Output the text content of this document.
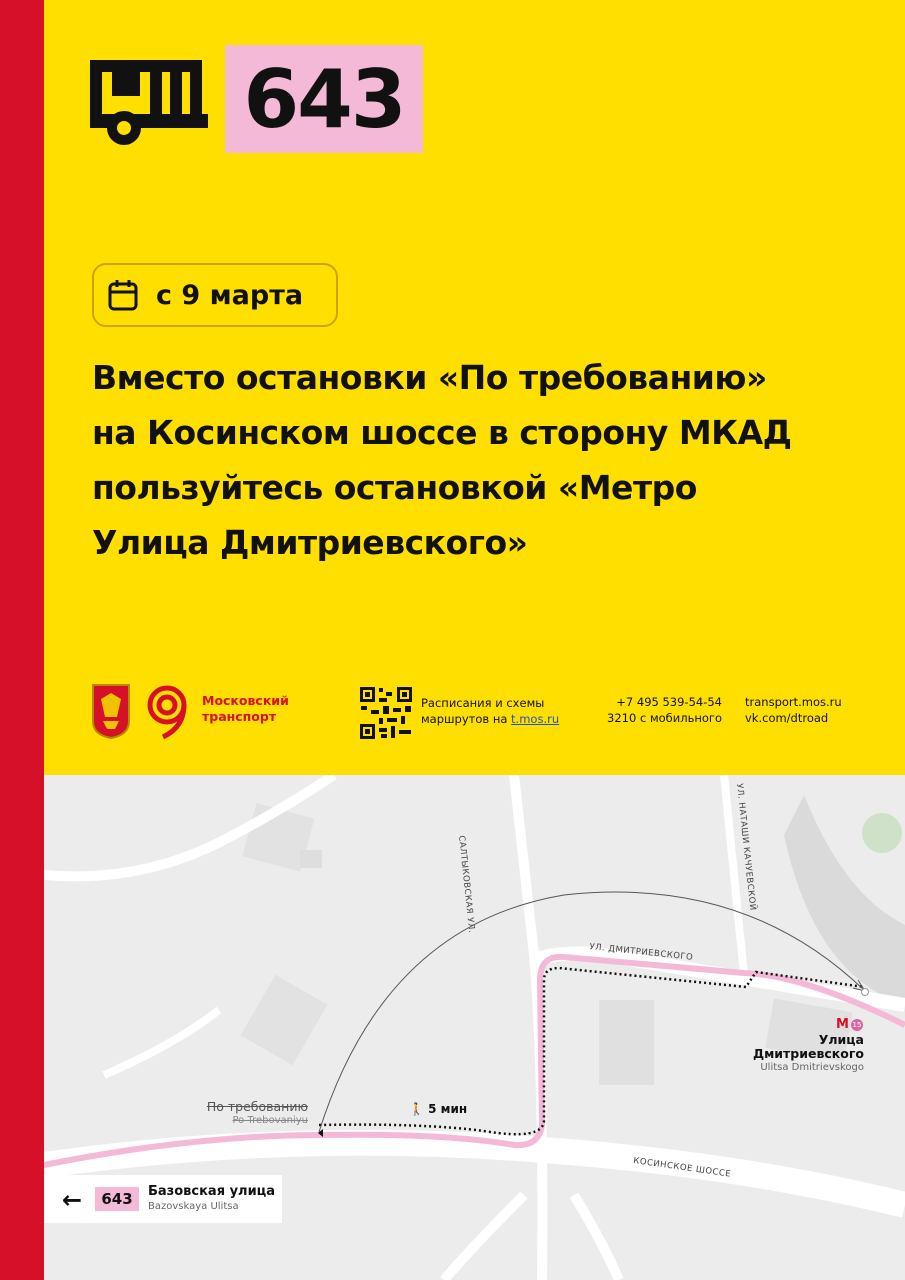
643
с 9 марта
Вместо остановки «По требованию»
на Косинском шоссе в сторону МКАД
пользуйтесь остановкой «Метро
Улица Дмитриевского»
Московский
транспорт
Расписания и схемы
маршрутов на t.mos.ru
+7 495 539-54-54
3210 с мобильного
transport.mos.ru
vk.com/dtroad
САЛТЫКОВСКАЯ УЛ.	УЛ. НАТАШИ КАЧУЕВСКОЙ
УЛ. ДМИТРИЕВСКОГО
КОСИНСКОЕ ШОССЕ
По требованию
Po Trebovaniyu
🚶 5 мин
M 15
Улица Дмитриевского
Ulitsa Dmitrievskogo
←	643	Базовская улица
Bazovskaya Ulitsa
